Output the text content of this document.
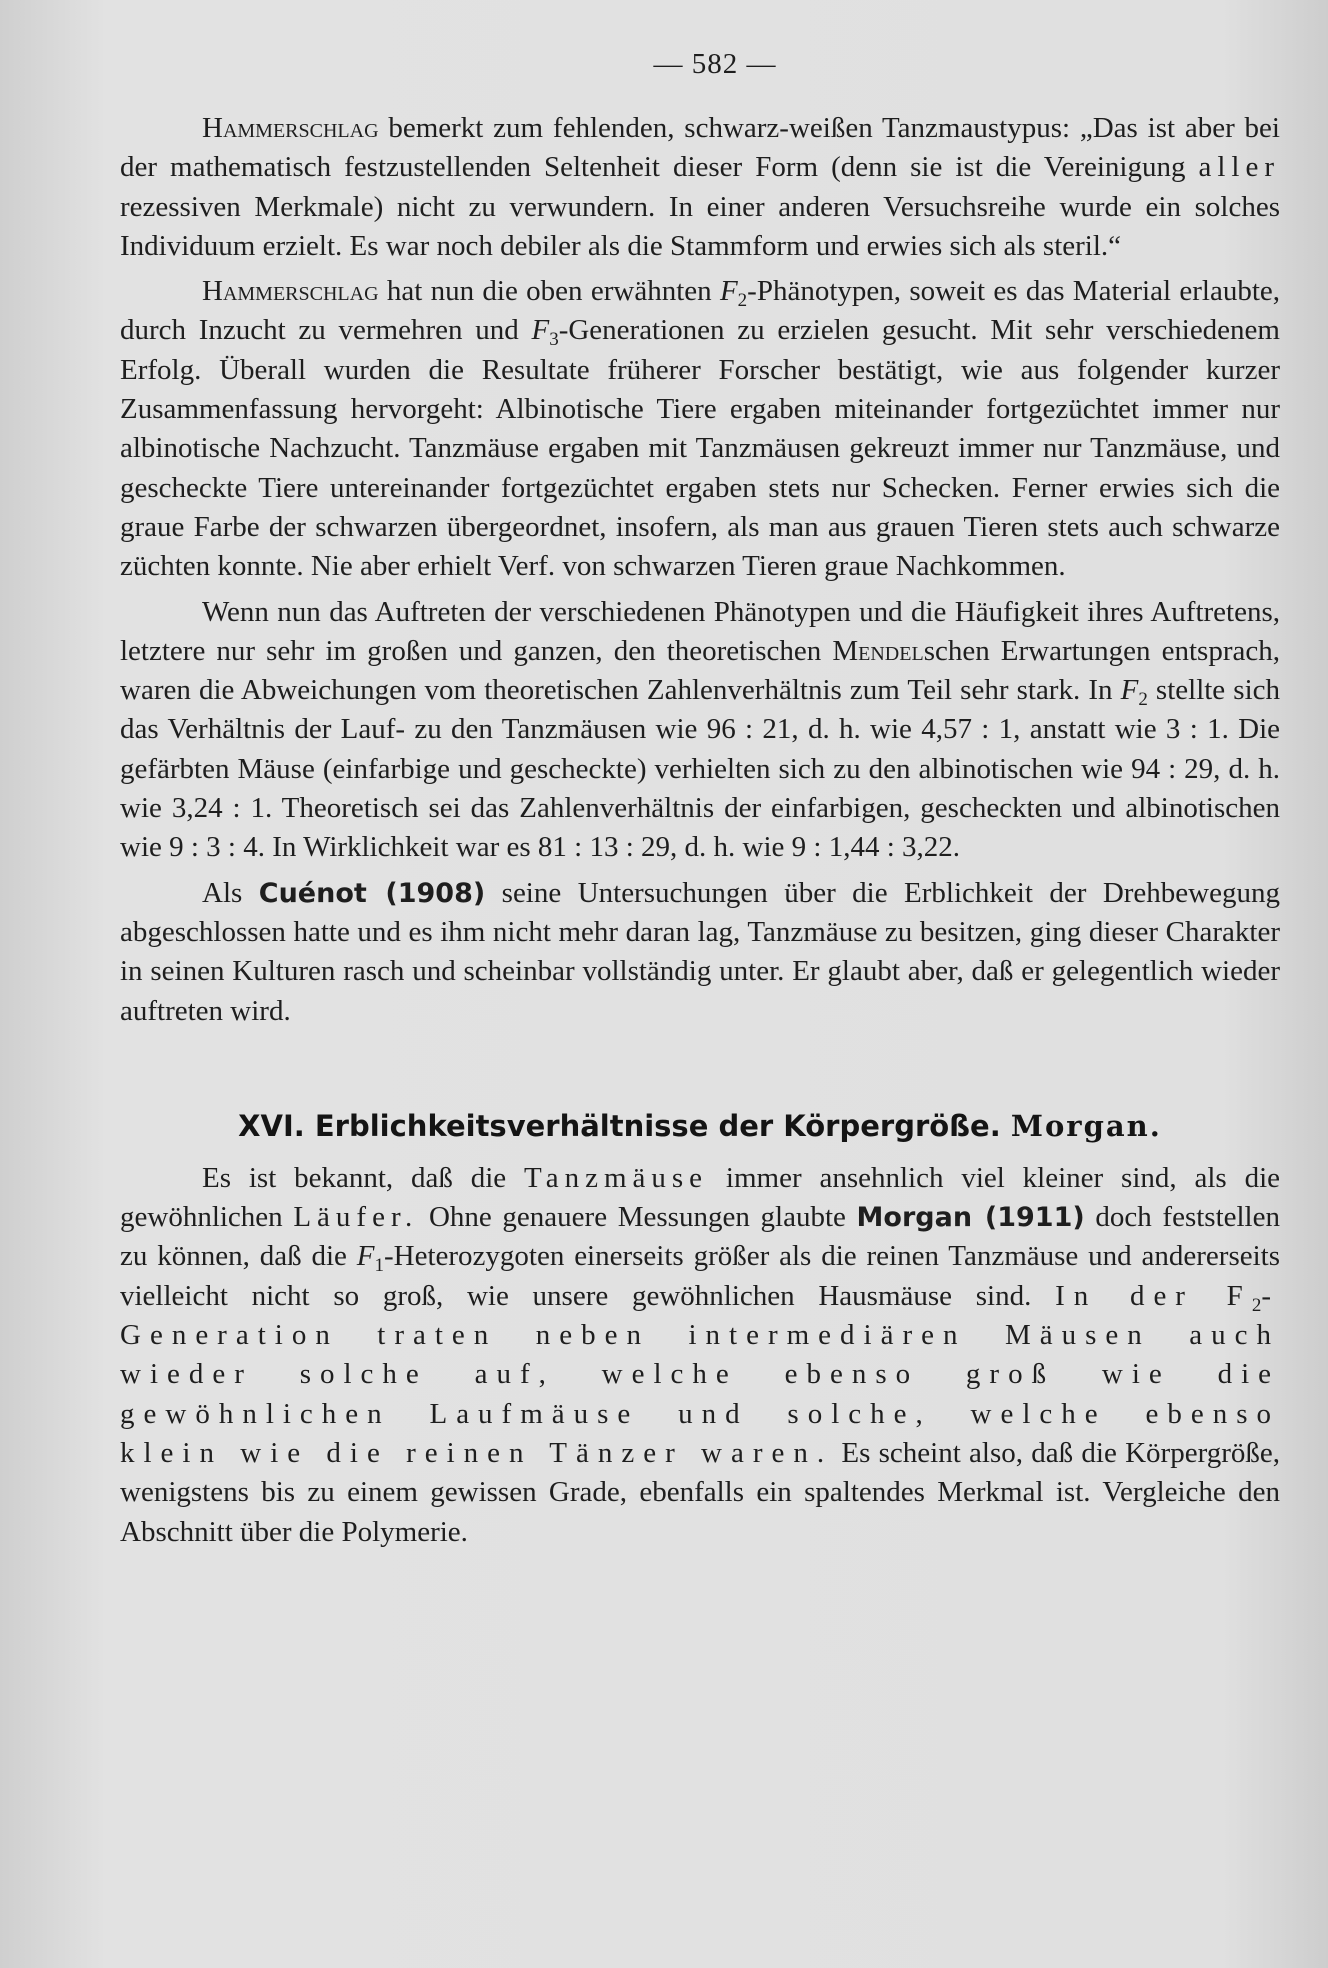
— 582 —

Hammerschlag bemerkt zum fehlenden, schwarz-weißen Tanzmaustypus: „Das ist aber bei der mathematisch festzustellenden Seltenheit dieser Form (denn sie ist die Vereinigung aller rezessiven Merkmale) nicht zu verwundern. In einer anderen Versuchsreihe wurde ein solches Individuum erzielt. Es war noch debiler als die Stammform und erwies sich als steril.“

Hammerschlag hat nun die oben erwähnten $F_2$-Phänotypen, soweit es das Material erlaubte, durch Inzucht zu vermehren und $F_3$-Generationen zu erzielen gesucht. Mit sehr verschiedenem Erfolg. Überall wurden die Resultate früherer Forscher bestätigt, wie aus folgender kurzer Zusammenfassung hervorgeht: Albinotische Tiere ergaben miteinander fortgezüchtet immer nur albinotische Nachzucht. Tanzmäuse ergaben mit Tanzmäusen gekreuzt immer nur Tanzmäuse, und gescheckte Tiere untereinander fortgezüchtet ergaben stets nur Schecken. Ferner erwies sich die graue Farbe der schwarzen übergeordnet, insofern, als man aus grauen Tieren stets auch schwarze züchten konnte. Nie aber erhielt Verf. von schwarzen Tieren graue Nachkommen.

Wenn nun das Auftreten der verschiedenen Phänotypen und die Häufigkeit ihres Auftretens, letztere nur sehr im großen und ganzen, den theoretischen Mendelschen Erwartungen entsprach, waren die Abweichungen vom theoretischen Zahlenverhältnis zum Teil sehr stark. In $F_2$ stellte sich das Verhältnis der Lauf- zu den Tanzmäusen wie 96 : 21, d. h. wie 4,57 : 1, anstatt wie 3 : 1. Die gefärbten Mäuse (einfarbige und gescheckte) verhielten sich zu den albinotischen wie 94 : 29, d. h. wie 3,24 : 1. Theoretisch sei das Zahlenverhältnis der einfarbigen, gescheckten und albinotischen wie 9 : 3 : 4. In Wirklichkeit war es 81 : 13 : 29, d. h. wie 9 : 1,44 : 3,22.

Als Cuénot (1908) seine Untersuchungen über die Erblichkeit der Drehbewegung abgeschlossen hatte und es ihm nicht mehr daran lag, Tanzmäuse zu besitzen, ging dieser Charakter in seinen Kulturen rasch und scheinbar vollständig unter. Er glaubt aber, daß er gelegentlich wieder auftreten wird.

XVI. Erblichkeitsverhältnisse der Körpergröße. Morgan.

Es ist bekannt, daß die Tanzmäuse immer ansehnlich viel kleiner sind, als die gewöhnlichen Läufer. Ohne genauere Messungen glaubte Morgan (1911) doch feststellen zu können, daß die $F_1$-Heterozygoten einerseits größer als die reinen Tanzmäuse und andererseits vielleicht nicht so groß, wie unsere gewöhnlichen Hausmäuse sind. In der $F_2$-Generation traten neben intermediären Mäusen auch wieder solche auf, welche ebenso groß wie die gewöhnlichen Laufmäuse und solche, welche ebenso klein wie die reinen Tänzer waren. Es scheint also, daß die Körpergröße, wenigstens bis zu einem gewissen Grade, ebenfalls ein spaltendes Merkmal ist. Vergleiche den Abschnitt über die Polymerie.
